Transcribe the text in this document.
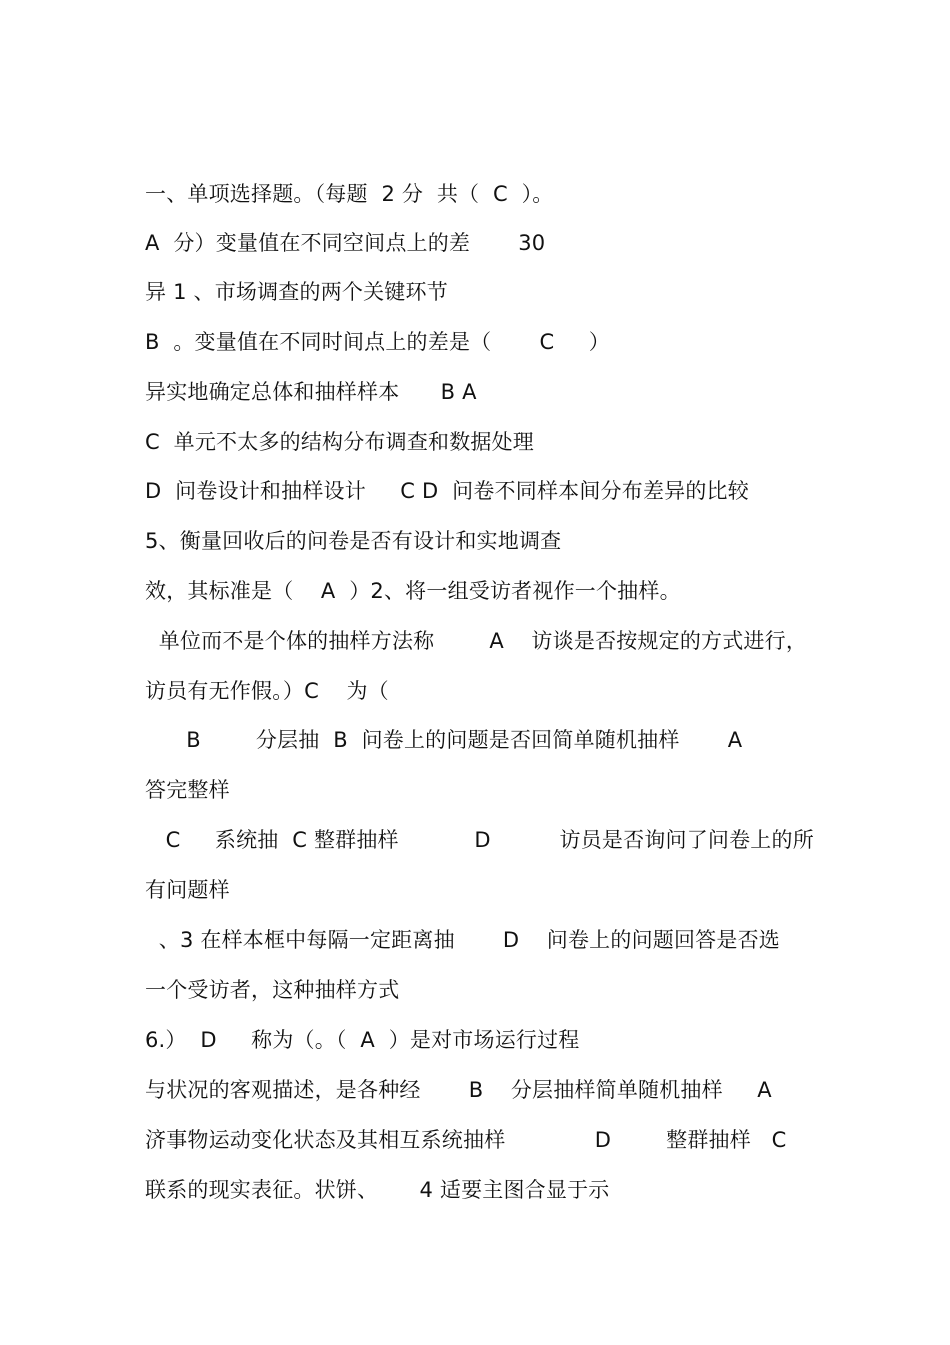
一、单项选择题。（每题  2 分  共（  C  ）。
A  分）变量值在不同空间点上的差       30
异 1 、市场调查的两个关键环节
B  。变量值在不同时间点上的差是（       C     ）
异实地确定总体和抽样样本      B A
C  单元不太多的结构分布调查和数据处理
D  问卷设计和抽样设计     C D  问卷不同样本间分布差异的比较
5、衡量回收后的问卷是否有设计和实地调查
效，其标准是（    A  ）2、将一组受访者视作一个抽样。
单位而不是个体的抽样方法称        A    访谈是否按规定的方式进行，
访员有无作假。）C    为（
B        分层抽  B  问卷上的问题是否回简单随机抽样       A
答完整样
C     系统抽  C 整群抽样           D          访员是否询问了问卷上的所
有问题样
、3 在样本框中每隔一定距离抽       D    问卷上的问题回答是否选
一个受访者，这种抽样方式
6.）  D     称为（。（  A  ）是对市场运行过程
与状况的客观描述，是各种经       B    分层抽样简单随机抽样     A
济事物运动变化状态及其相互系统抽样             D        整群抽样   C
联系的现实表征。状饼、      4 适要主图合显于示
